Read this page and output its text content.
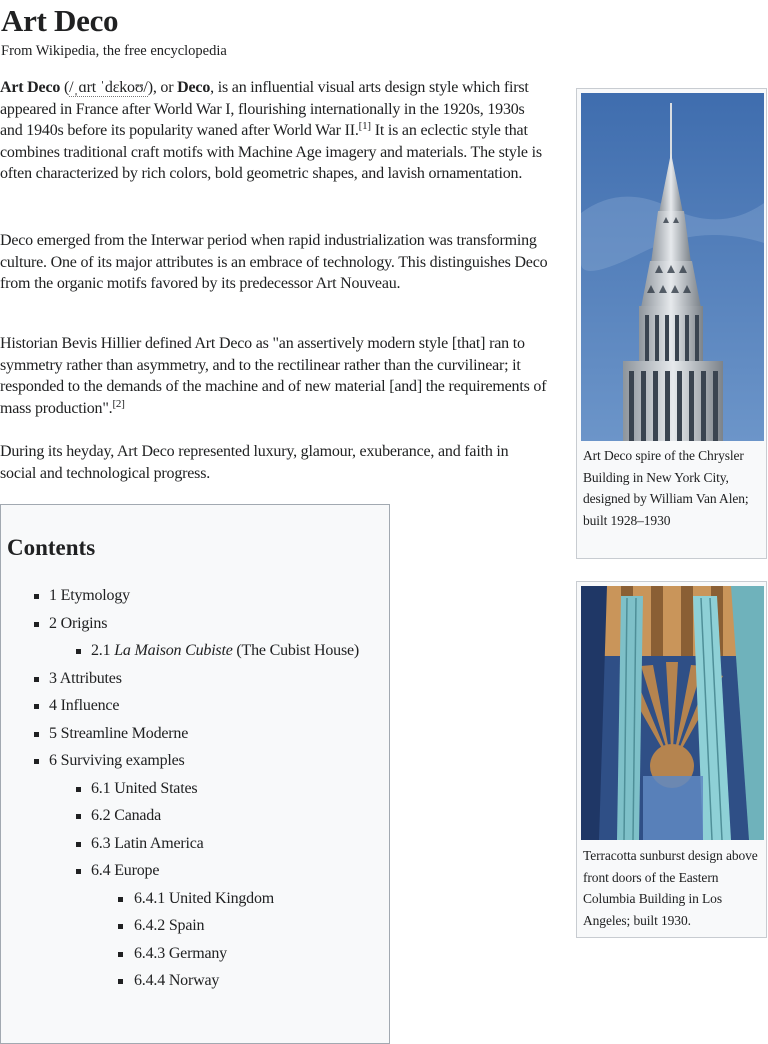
Art Deco
From Wikipedia, the free encyclopedia

Art Deco (/ˌɑrt ˈdɛkoʊ/), or Deco, is an influential visual arts design style which first appeared in France after World War I, flourishing internationally in the 1920s, 1930s and 1940s before its popularity waned after World War II.[1] It is an eclectic style that combines traditional craft motifs with Machine Age imagery and materials. The style is often characterized by rich colors, bold geometric shapes, and lavish ornamentation.

Deco emerged from the Interwar period when rapid industrialization was transforming culture. One of its major attributes is an embrace of technology. This distinguishes Deco from the organic motifs favored by its predecessor Art Nouveau.

Historian Bevis Hillier defined Art Deco as "an assertively modern style [that] ran to symmetry rather than asymmetry, and to the rectilinear rather than the curvilinear; it responded to the demands of the machine and of new material [and] the requirements of mass production".[2]

During its heyday, Art Deco represented luxury, glamour, exuberance, and faith in social and technological progress.

Contents
1 Etymology
2 Origins
2.1 La Maison Cubiste (The Cubist House)
3 Attributes
4 Influence
5 Streamline Moderne
6 Surviving examples
6.1 United States
6.2 Canada
6.3 Latin America
6.4 Europe
6.4.1 United Kingdom
6.4.2 Spain
6.4.3 Germany
6.4.4 Norway

Art Deco spire of the Chrysler Building in New York City, designed by William Van Alen; built 1928–1930

Terracotta sunburst design above front doors of the Eastern Columbia Building in Los Angeles; built 1930.
